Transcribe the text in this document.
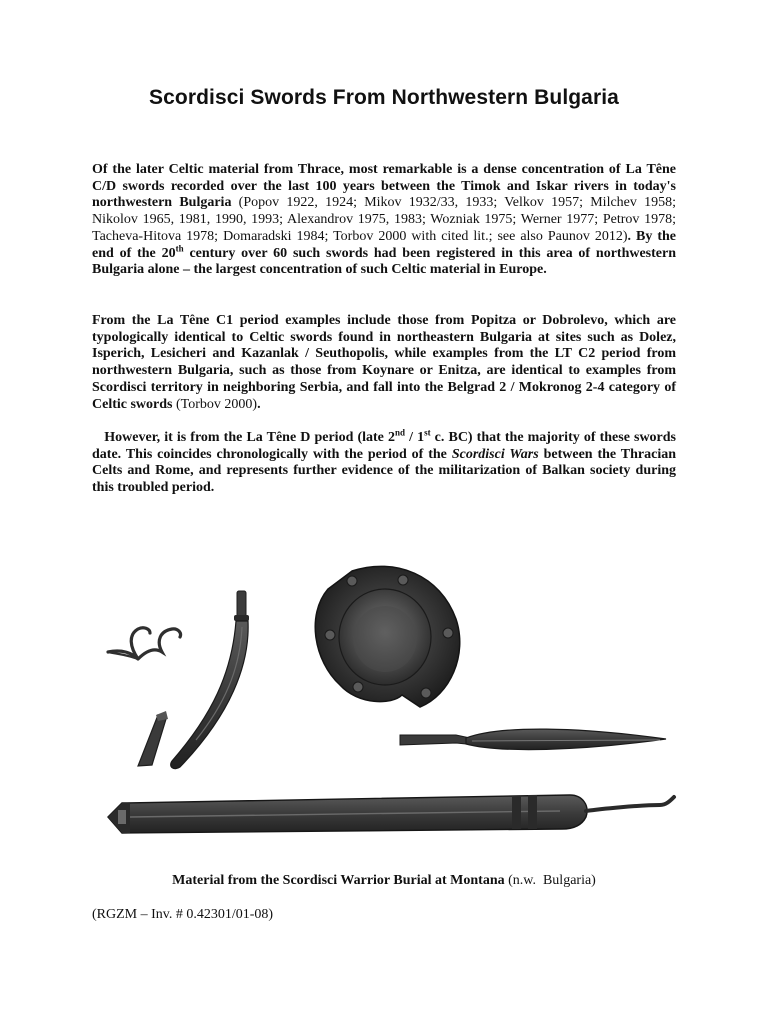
Scordisci Swords From Northwestern Bulgaria
Of the later Celtic material from Thrace, most remarkable is a dense concentration of La Têne C/D swords recorded over the last 100 years between the Timok and Iskar rivers in today's northwestern Bulgaria (Popov 1922, 1924; Mikov 1932/33, 1933; Velkov 1957; Milchev 1958; Nikolov 1965, 1981, 1990, 1993; Alexandrov 1975, 1983; Wozniak 1975; Werner 1977; Petrov 1978; Tacheva-Hitova 1978; Domaradski 1984; Torbov 2000 with cited lit.; see also Paunov 2012). By the end of the 20th century over 60 such swords had been registered in this area of northwestern Bulgaria alone – the largest concentration of such Celtic material in Europe.
From the La Têne C1 period examples include those from Popitza or Dobrolevo, which are typologically identical to Celtic swords found in northeastern Bulgaria at sites such as Dolez, Isperich, Lesicheri and Kazanlak / Seuthopolis, while examples from the LT C2 period from northwestern Bulgaria, such as those from Koynare or Enitza, are identical to examples from Scordisci territory in neighboring Serbia, and fall into the Belgrad 2 / Mokronog 2-4 category of Celtic swords (Torbov 2000).
However, it is from the La Têne D period (late 2nd / 1st c. BC) that the majority of these swords date. This coincides chronologically with the period of the Scordisci Wars between the Thracian Celts and Rome, and represents further evidence of the militarization of Balkan society during this troubled period.
Material from the Scordisci Warrior Burial at Montana (n.w.  Bulgaria)
(RGZM – Inv. # 0.42301/01-08)
